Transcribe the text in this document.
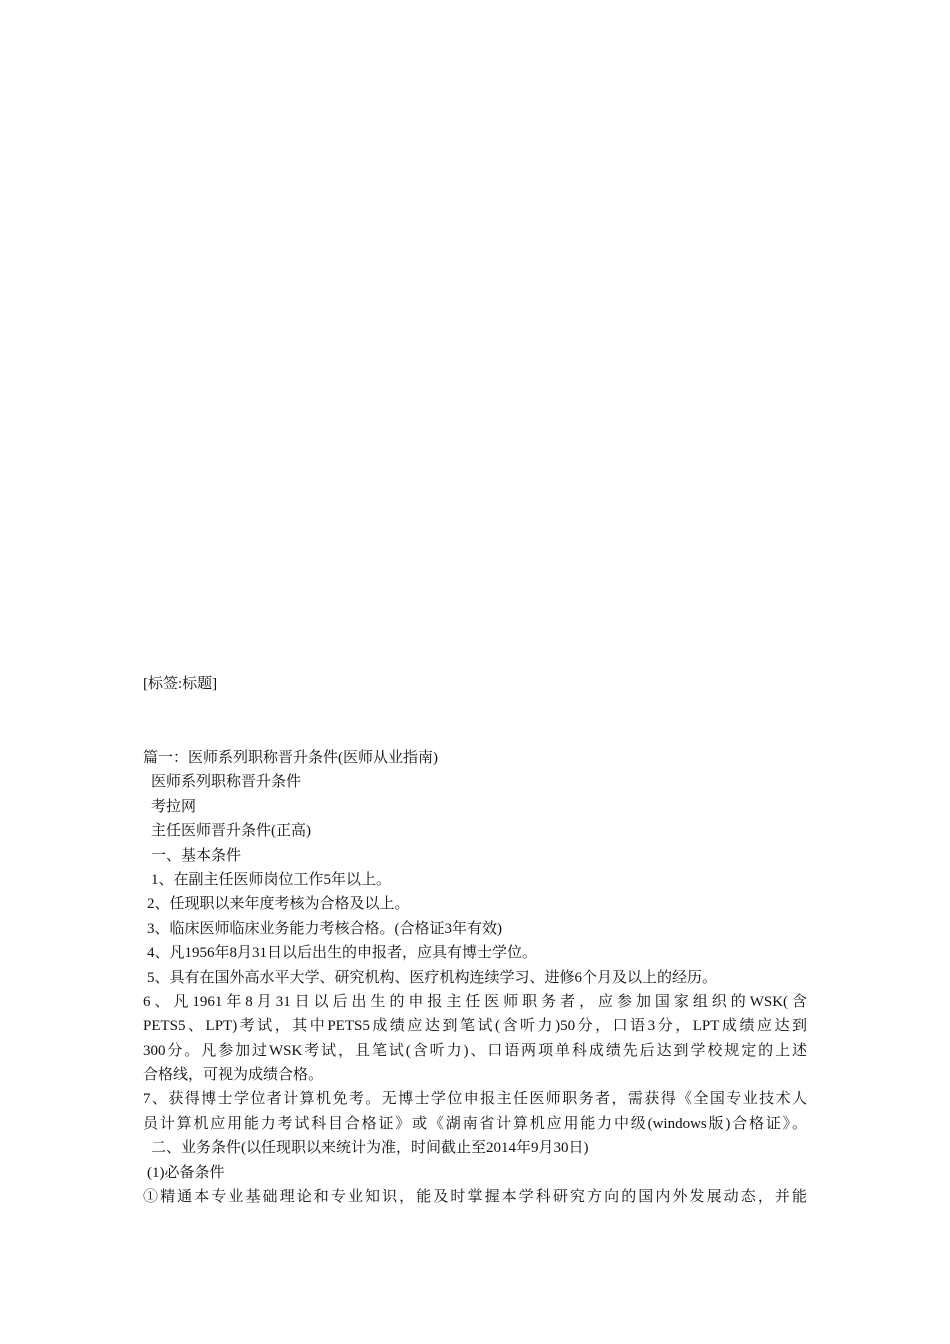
[标签:标题]
篇一：医师系列职称晋升条件(医师从业指南)
医师系列职称晋升条件
考拉网
主任医师晋升条件(正高)
一、基本条件
1、在副主任医师岗位工作5年以上。
2、任现职以来年度考核为合格及以上。
3、临床医师临床业务能力考核合格。(合格证3年有效)
4、凡1956年8月31日以后出生的申报者，应具有博士学位。
5、具有在国外高水平大学、研究机构、医疗机构连续学习、进修6个月及以上的经历。
6、凡1961年8月31日以后出生的申报主任医师职务者，应参加国家组织的WSK(含
PETS5、LPT)考试，其中PETS5成绩应达到笔试(含听力)50分，口语3分，LPT成绩应达到
300分。凡参加过WSK考试，且笔试(含听力)、口语两项单科成绩先后达到学校规定的上述
合格线，可视为成绩合格。
7、获得博士学位者计算机免考。无博士学位申报主任医师职务者，需获得《全国专业技术人
员计算机应用能力考试科目合格证》或《湖南省计算机应用能力中级(windows版)合格证》。
二、业务条件(以任现职以来统计为准，时间截止至2014年9月30日)
(1)必备条件
①精通本专业基础理论和专业知识，能及时掌握本学科研究方向的国内外发展动态，并能
